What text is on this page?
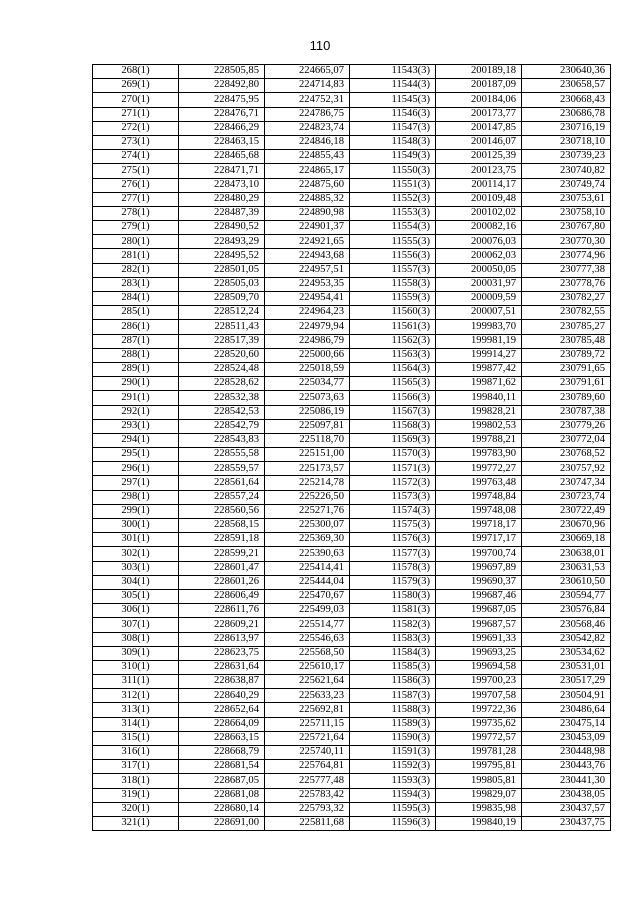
110
268(1)	228505,85	224665,07	11543(3)	200189,18	230640,36
269(1)	228492,80	224714,83	11544(3)	200187,09	230658,57
270(1)	228475,95	224752,31	11545(3)	200184,06	230668,43
271(1)	228476,71	224786,75	11546(3)	200173,77	230686,78
272(1)	228466,29	224823,74	11547(3)	200147,85	230716,19
273(1)	228463,15	224846,18	11548(3)	200146,07	230718,10
274(1)	228465,68	224855,43	11549(3)	200125,39	230739,23
275(1)	228471,71	224865,17	11550(3)	200123,75	230740,82
276(1)	228473,10	224875,60	11551(3)	200114,17	230749,74
277(1)	228480,29	224885,32	11552(3)	200109,48	230753,61
278(1)	228487,39	224890,98	11553(3)	200102,02	230758,10
279(1)	228490,52	224901,37	11554(3)	200082,16	230767,80
280(1)	228493,29	224921,65	11555(3)	200076,03	230770,30
281(1)	228495,52	224943,68	11556(3)	200062,03	230774,96
282(1)	228501,05	224957,51	11557(3)	200050,05	230777,38
283(1)	228505,03	224953,35	11558(3)	200031,97	230778,76
284(1)	228509,70	224954,41	11559(3)	200009,59	230782,27
285(1)	228512,24	224964,23	11560(3)	200007,51	230782,55
286(1)	228511,43	224979,94	11561(3)	199983,70	230785,27
287(1)	228517,39	224986,79	11562(3)	199981,19	230785,48
288(1)	228520,60	225000,66	11563(3)	199914,27	230789,72
289(1)	228524,48	225018,59	11564(3)	199877,42	230791,65
290(1)	228528,62	225034,77	11565(3)	199871,62	230791,61
291(1)	228532,38	225073,63	11566(3)	199840,11	230789,60
292(1)	228542,53	225086,19	11567(3)	199828,21	230787,38
293(1)	228542,79	225097,81	11568(3)	199802,53	230779,26
294(1)	228543,83	225118,70	11569(3)	199788,21	230772,04
295(1)	228555,58	225151,00	11570(3)	199783,90	230768,52
296(1)	228559,57	225173,57	11571(3)	199772,27	230757,92
297(1)	228561,64	225214,78	11572(3)	199763,48	230747,34
298(1)	228557,24	225226,50	11573(3)	199748,84	230723,74
299(1)	228560,56	225271,76	11574(3)	199748,08	230722,49
300(1)	228568,15	225300,07	11575(3)	199718,17	230670,96
301(1)	228591,18	225369,30	11576(3)	199717,17	230669,18
302(1)	228599,21	225390,63	11577(3)	199700,74	230638,01
303(1)	228601,47	225414,41	11578(3)	199697,89	230631,53
304(1)	228601,26	225444,04	11579(3)	199690,37	230610,50
305(1)	228606,49	225470,67	11580(3)	199687,46	230594,77
306(1)	228611,76	225499,03	11581(3)	199687,05	230576,84
307(1)	228609,21	225514,77	11582(3)	199687,57	230568,46
308(1)	228613,97	225546,63	11583(3)	199691,33	230542,82
309(1)	228623,75	225568,50	11584(3)	199693,25	230534,62
310(1)	228631,64	225610,17	11585(3)	199694,58	230531,01
311(1)	228638,87	225621,64	11586(3)	199700,23	230517,29
312(1)	228640,29	225633,23	11587(3)	199707,58	230504,91
313(1)	228652,64	225692,81	11588(3)	199722,36	230486,64
314(1)	228664,09	225711,15	11589(3)	199735,62	230475,14
315(1)	228663,15	225721,64	11590(3)	199772,57	230453,09
316(1)	228668,79	225740,11	11591(3)	199781,28	230448,98
317(1)	228681,54	225764,81	11592(3)	199795,81	230443,76
318(1)	228687,05	225777,48	11593(3)	199805,81	230441,30
319(1)	228681,08	225783,42	11594(3)	199829,07	230438,05
320(1)	228680,14	225793,32	11595(3)	199835,98	230437,57
321(1)	228691,00	225811,68	11596(3)	199840,19	230437,75
